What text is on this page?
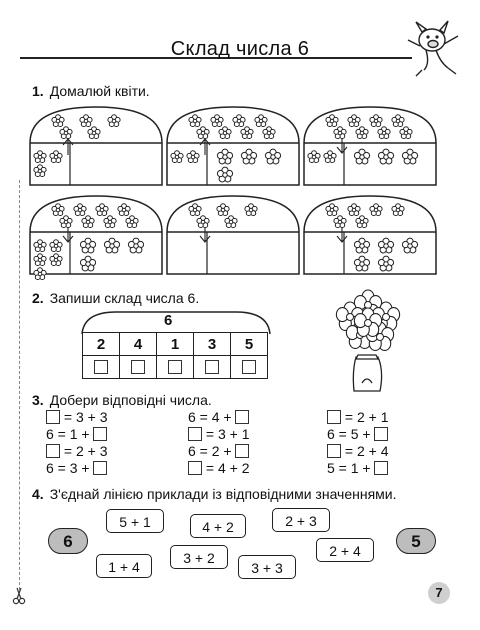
Склад числа 6
1. Домалюй квіти.
2. Запиши склад числа 6.
6
2	4	1	3	5

3. Добери відповідні числа.
= 3 + 3
6 = 1 +
= 2 + 3
6 = 3 +
6 = 4 +
= 3 + 1
6 = 2 +
= 4 + 2
= 2 + 1
6 = 5 +
= 2 + 4
5 = 1 +
4. З'єднай лінією приклади із відповідними значеннями.
6	5
5 + 1	4 + 2	2 + 3
2 + 4
3 + 2
1 + 4	3 + 3
7
